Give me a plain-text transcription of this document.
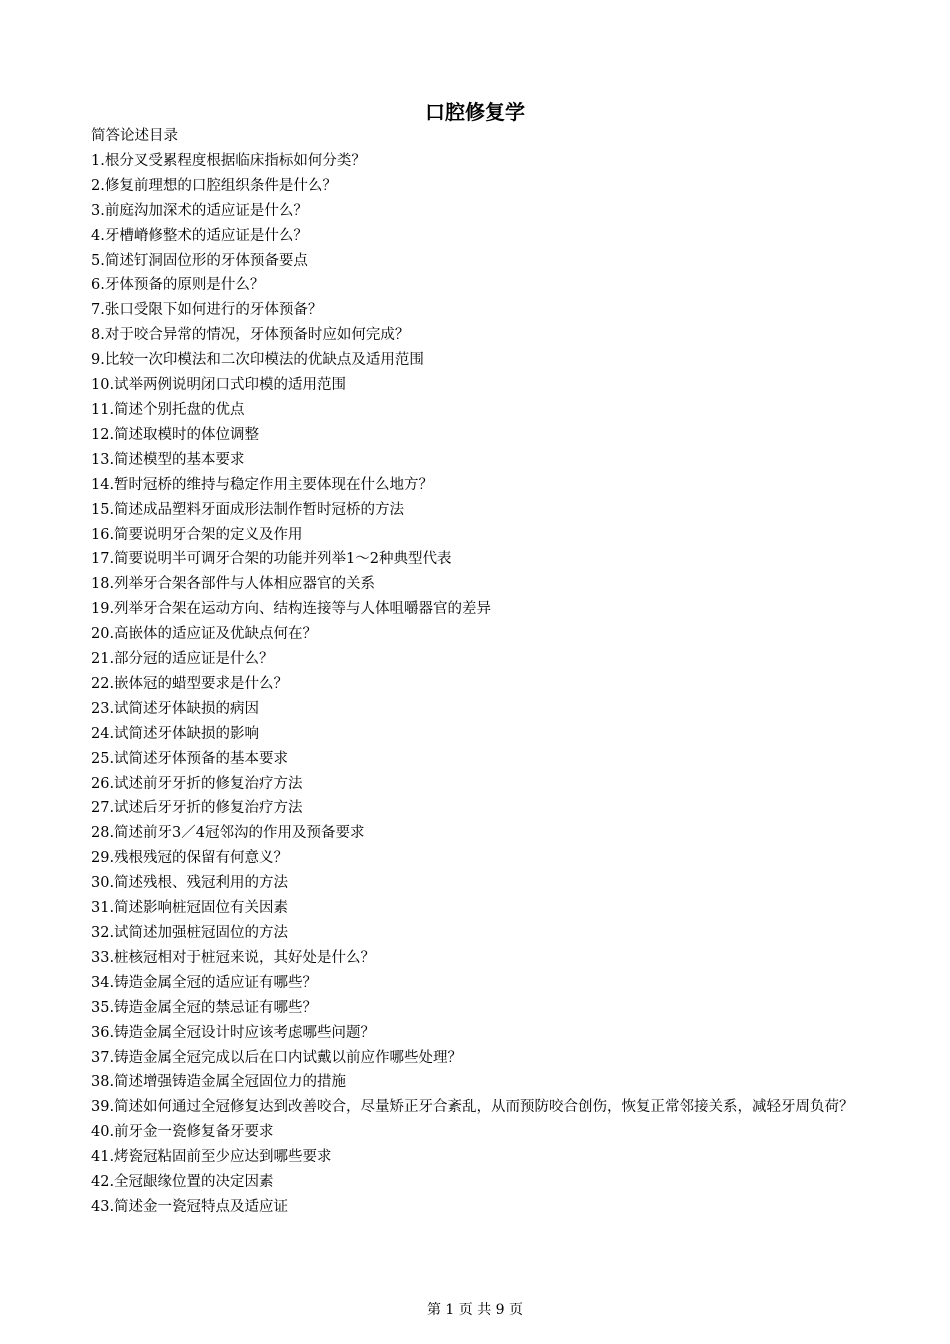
口腔修复学

简答论述目录

1.根分叉受累程度根据临床指标如何分类？
2.修复前理想的口腔组织条件是什么？
3.前庭沟加深术的适应证是什么？
4.牙槽嵴修整术的适应证是什么？
5.简述钉洞固位形的牙体预备要点
6.牙体预备的原则是什么？
7.张口受限下如何进行的牙体预备？
8.对于咬合异常的情况，牙体预备时应如何完成？
9.比较一次印模法和二次印模法的优缺点及适用范围
10.试举两例说明闭口式印模的适用范围
11.简述个别托盘的优点
12.简述取模时的体位调整
13.简述模型的基本要求
14.暂时冠桥的维持与稳定作用主要体现在什么地方？
15.简述成品塑料牙面成形法制作暂时冠桥的方法
16.简要说明牙合架的定义及作用
17.简要说明半可调牙合架的功能并列举1～2种典型代表
18.列举牙合架各部件与人体相应器官的关系
19.列举牙合架在运动方向、结构连接等与人体咀嚼器官的差异
20.高嵌体的适应证及优缺点何在？
21.部分冠的适应证是什么？
22.嵌体冠的蜡型要求是什么？
23.试简述牙体缺损的病因
24.试简述牙体缺损的影响
25.试简述牙体预备的基本要求
26.试述前牙牙折的修复治疗方法
27.试述后牙牙折的修复治疗方法
28.简述前牙3／4冠邻沟的作用及预备要求
29.残根残冠的保留有何意义？
30.简述残根、残冠利用的方法
31.简述影响桩冠固位有关因素
32.试简述加强桩冠固位的方法
33.桩核冠相对于桩冠来说，其好处是什么？
34.铸造金属全冠的适应证有哪些？
35.铸造金属全冠的禁忌证有哪些？
36.铸造金属全冠设计时应该考虑哪些问题？
37.铸造金属全冠完成以后在口内试戴以前应作哪些处理？
38.简述增强铸造金属全冠固位力的措施
39.简述如何通过全冠修复达到改善咬合，尽量矫正牙合紊乱，从而预防咬合创伤，恢复正常邻接关系，减轻牙周负荷？
40.前牙金一瓷修复备牙要求
41.烤瓷冠粘固前至少应达到哪些要求
42.全冠龈缘位置的决定因素
43.简述金一瓷冠特点及适应证
第 1 页 共 9 页
